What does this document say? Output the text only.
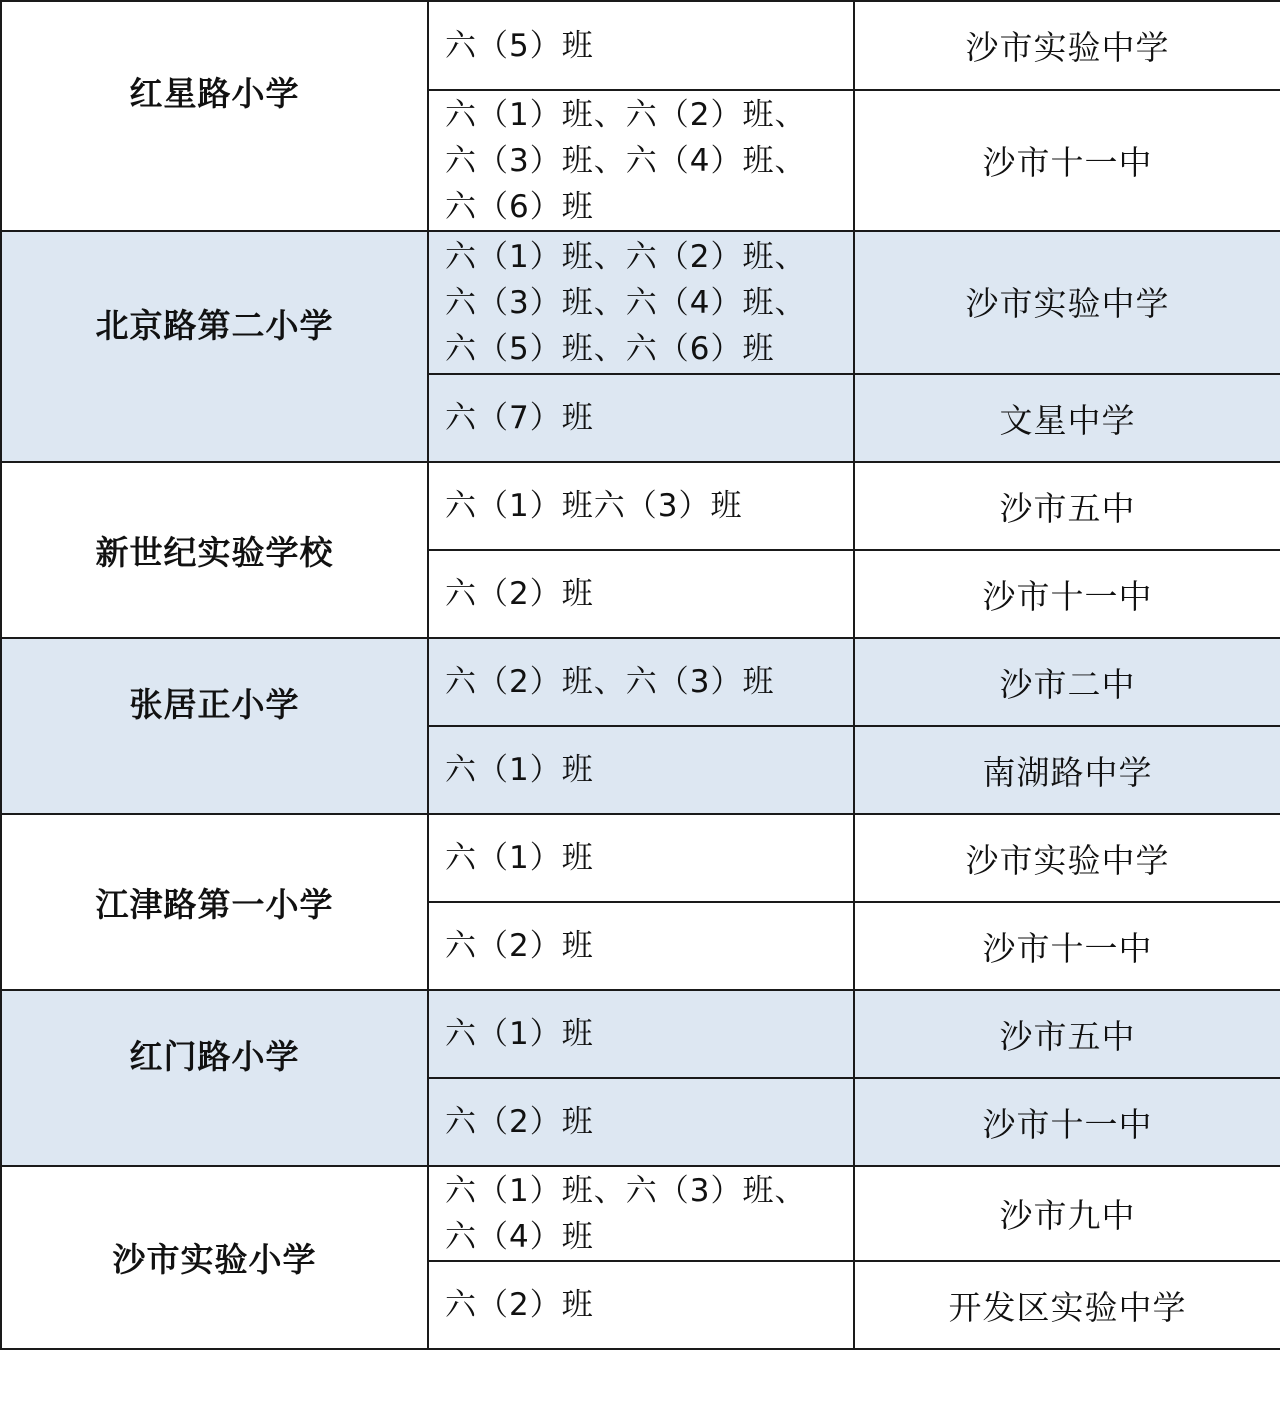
红星路小学	六（5）班	沙市实验中学
	六（1）班、六（2）班、
六（3）班、六（4）班、
六（6）班	沙市十一中
北京路第二小学	六（1）班、六（2）班、
六（3）班、六（4）班、
六（5）班、六（6）班	沙市实验中学
	六（7）班	文星中学
新世纪实验学校	六（1）班六（3）班	沙市五中
	六（2）班	沙市十一中
张居正小学	六（2）班、六（3）班	沙市二中
	六（1）班	南湖路中学
江津路第一小学	六（1）班	沙市实验中学
	六（2）班	沙市十一中
红门路小学	六（1）班	沙市五中
	六（2）班	沙市十一中
沙市实验小学	六（1）班、六（3）班、
六（4）班	沙市九中
	六（2）班	开发区实验中学
